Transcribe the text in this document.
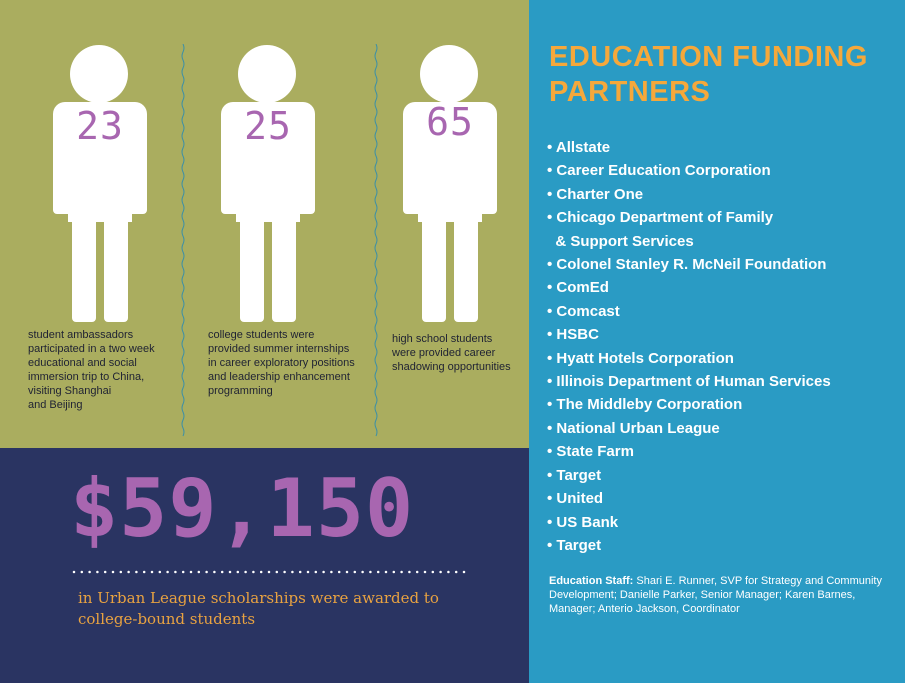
23	25	65
student ambassadors
participated in a two week
educational and social
immersion trip to China,
visiting Shanghai
and Beijing
college students were
provided summer internships
in career exploratory positions
and leadership enhancement
programming
high school students
were provided career
shadowing opportunities
$59,150
in Urban League scholarships were awarded to college-bound students
EDUCATION FUNDING PARTNERS
• Allstate
• Career Education Corporation
• Charter One
• Chicago Department of Family
& Support Services
• Colonel Stanley R. McNeil Foundation
• ComEd
• Comcast
• HSBC
• Hyatt Hotels Corporation
• Illinois Department of Human Services
• The Middleby Corporation
• National Urban League
• State Farm
• Target
• United
• US Bank
• Target
Education Staff: Shari E. Runner, SVP for Strategy and Community Development; Danielle Parker, Senior Manager; Karen Barnes, Manager; Anterio Jackson, Coordinator
